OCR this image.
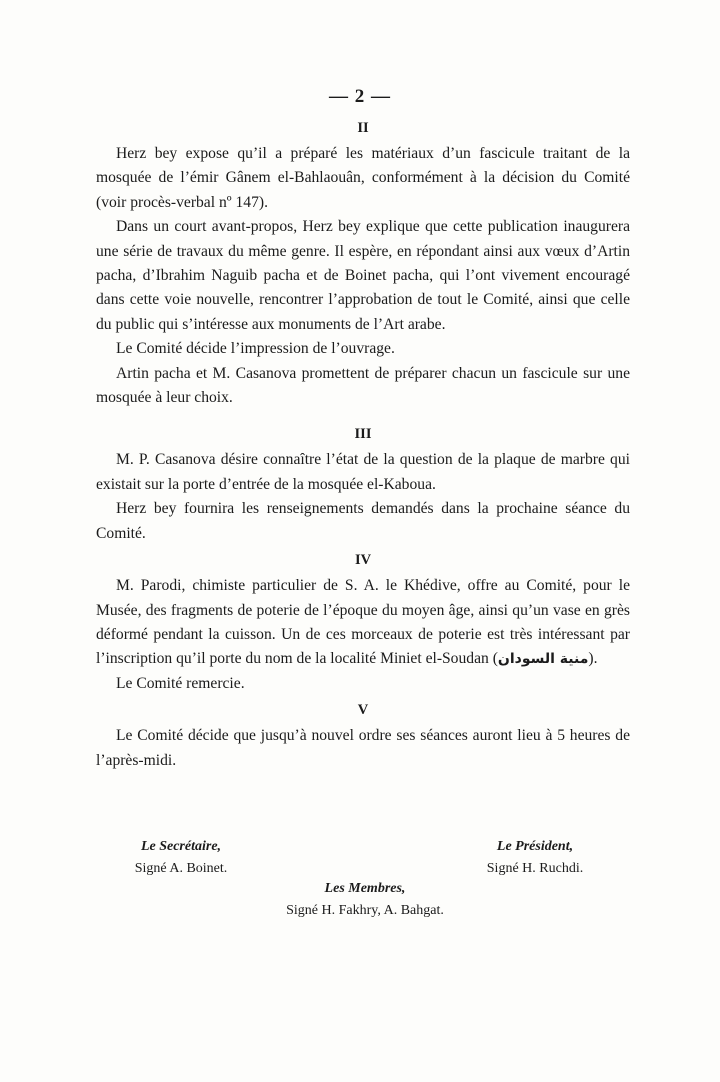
— 2 —
II

Herz bey expose qu’il a préparé les matériaux d’un fascicule traitant de la mosquée de l’émir Gânem el-Bahlaouân, conformément à la décision du Comité (voir procès-verbal nº 147).

Dans un court avant-propos, Herz bey explique que cette publication inaugurera une série de travaux du même genre. Il espère, en répondant ainsi aux vœux d’Artin pacha, d’Ibrahim Naguib pacha et de Boinet pacha, qui l’ont vivement encouragé dans cette voie nouvelle, rencontrer l’approbation de tout le Comité, ainsi que celle du public qui s’intéresse aux monuments de l’Art arabe.

Le Comité décide l’impression de l’ouvrage.

Artin pacha et M. Casanova promettent de préparer chacun un fascicule sur une mosquée à leur choix.

III

M. P. Casanova désire connaître l’état de la question de la plaque de marbre qui existait sur la porte d’entrée de la mosquée el-Kaboua.

Herz bey fournira les renseignements demandés dans la prochaine séance du Comité.

IV

M. Parodi, chimiste particulier de S. A. le Khédive, offre au Comité, pour le Musée, des fragments de poterie de l’époque du moyen âge, ainsi qu’un vase en grès déformé pendant la cuisson. Un de ces morceaux de poterie est très intéressant par l’inscription qu’il porte du nom de la localité Miniet el-Soudan (منية السودان).

Le Comité remercie.

V

Le Comité décide que jusqu’à nouvel ordre ses séances auront lieu à 5 heures de l’après-midi.

Le Secrétaire,
Signé A. Boinet.
Le Président,
Signé H. Ruchdi.
Les Membres,
Signé H. Fakhry, A. Bahgat.
